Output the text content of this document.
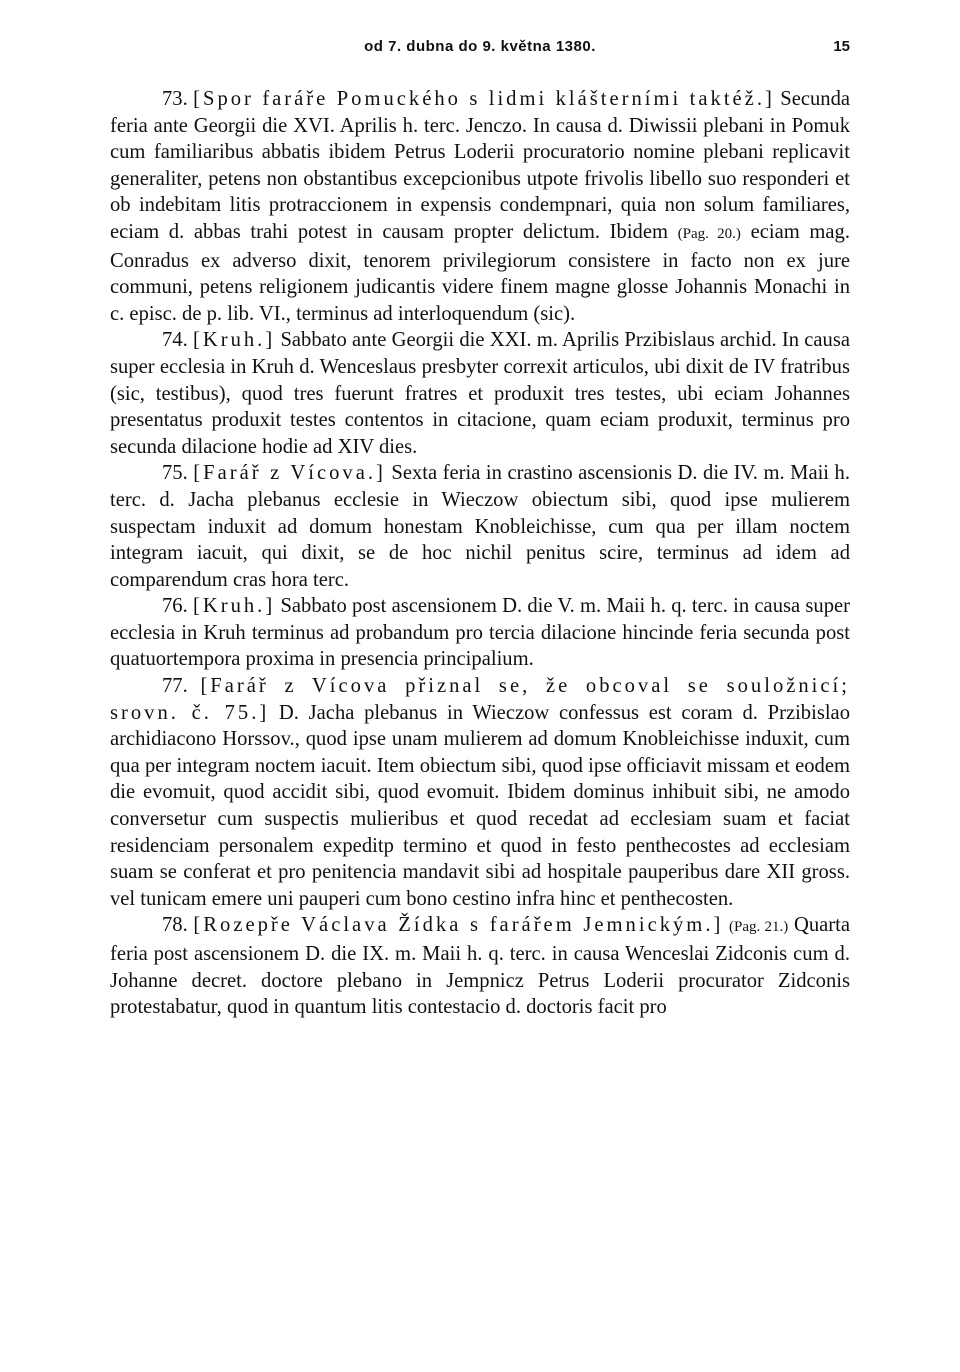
od 7. dubna do 9. května 1380.	15

73. [Spor faráře Pomuckého s lidmi klášterními taktéž.] Secunda feria ante Georgii die XVI. Aprilis h. terc. Jenczo. In causa d. Diwissii plebani in Pomuk cum familiaribus abbatis ibidem Petrus Loderii procuratorio nomine plebani replicavit generaliter, petens non obstantibus excepcionibus utpote frivolis libello suo responderi et ob indebitam litis protraccionem in expensis condempnari, quia non solum familiares, eciam d. abbas trahi potest in causam propter delictum. Ibidem (Pag. 20.) eciam mag. Conradus ex adverso dixit, tenorem privilegiorum consistere in facto non ex jure communi, petens religionem judicantis videre finem magne glosse Johannis Monachi in c. episc. de p. lib. VI., terminus ad interloquendum (sic).

74. [Kruh.] Sabbato ante Georgii die XXI. m. Aprilis Przibislaus archid. In causa super ecclesia in Kruh d. Wenceslaus presbyter correxit articulos, ubi dixit de IV fratribus (sic, testibus), quod tres fuerunt fratres et produxit tres testes, ubi eciam Johannes presentatus produxit testes contentos in citacione, quam eciam produxit, terminus pro secunda dilacione hodie ad XIV dies.

75. [Farář z Vícova.] Sexta feria in crastino ascensionis D. die IV. m. Maii h. terc. d. Jacha plebanus ecclesie in Wieczow obiectum sibi, quod ipse mulierem suspectam induxit ad domum honestam Knobleichisse, cum qua per illam noctem integram iacuit, qui dixit, se de hoc nichil penitus scire, terminus ad idem ad comparendum cras hora terc.

76. [Kruh.] Sabbato post ascensionem D. die V. m. Maii h. q. terc. in causa super ecclesia in Kruh terminus ad probandum pro tercia dilacione hincinde feria secunda post quatuortempora proxima in presencia principalium.

77. [Farář z Vícova přiznal se, že obcoval se souložnicí; srovn. č. 75.] D. Jacha plebanus in Wieczow confessus est coram d. Przibislao archidiacono Horssov., quod ipse unam mulierem ad domum Knobleichisse induxit, cum qua per integram noctem iacuit. Item obiectum sibi, quod ipse officiavit missam et eodem die evomuit, quod accidit sibi, quod evomuit. Ibidem dominus inhibuit sibi, ne amodo conversetur cum suspectis mulieribus et quod recedat ad ecclesiam suam et faciat residenciam personalem expeditp termino et quod in festo penthecostes ad ecclesiam suam se conferat et pro penitencia mandavit sibi ad hospitale pauperibus dare XII gross. vel tunicam emere uni pauperi cum bono cestino infra hinc et penthecosten.

78. [Rozepře Václava Žídka s farářem Jemnickým.] (Pag. 21.) Quarta feria post ascensionem D. die IX. m. Maii h. q. terc. in causa Wenceslai Zidconis cum d. Johanne decret. doctore plebano in Jempnicz Petrus Loderii procurator Zidconis protestabatur, quod in quantum litis contestacio d. doctoris facit pro
